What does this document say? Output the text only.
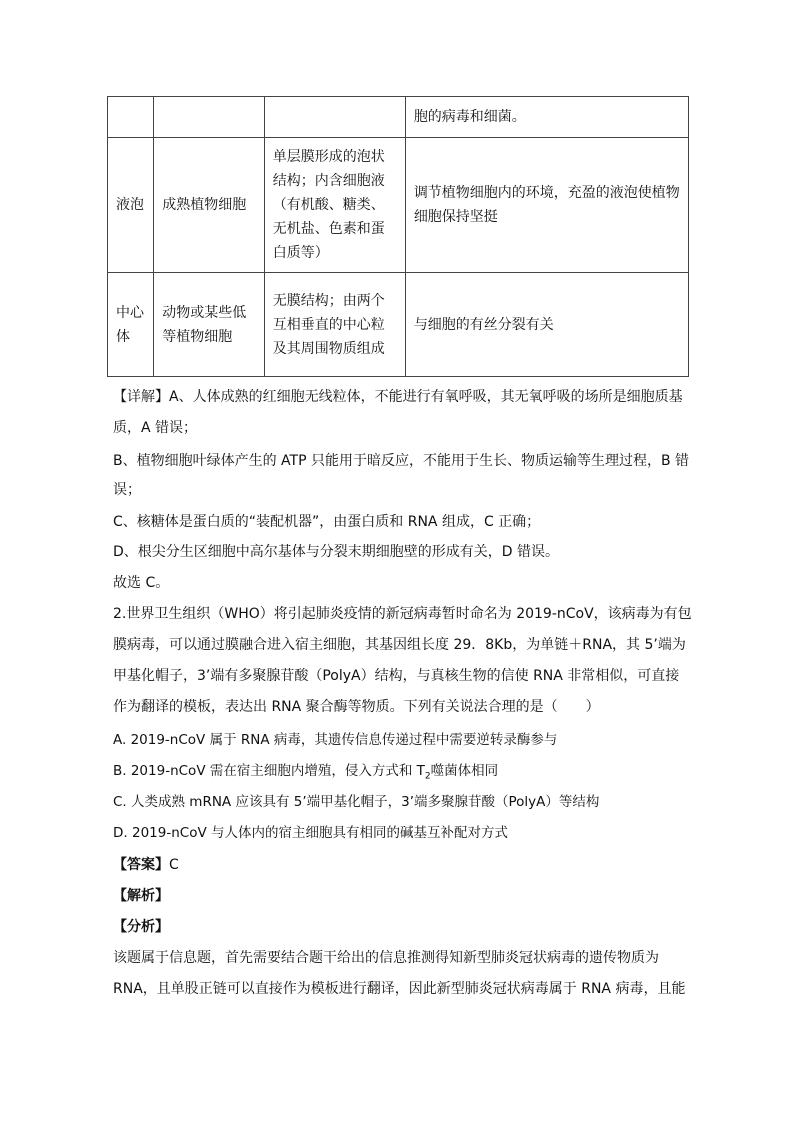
			胞的病毒和细菌。
液泡	成熟植物细胞	单层膜形成的泡状结构；内含细胞液（有机酸、糖类、无机盐、色素和蛋白质等）	调节植物细胞内的环境，充盈的液泡使植物细胞保持坚挺
中心体	动物或某些低等植物细胞	无膜结构；由两个互相垂直的中心粒及其周围物质组成	与细胞的有丝分裂有关
【详解】A、人体成熟的红细胞无线粒体，不能进行有氧呼吸，其无氧呼吸的场所是细胞质基
质，A 错误；
B、植物细胞叶绿体产生的 ATP 只能用于暗反应，不能用于生长、物质运输等生理过程，B 错
误；
C、核糖体是蛋白质的“装配机器”，由蛋白质和 RNA 组成，C 正确；
D、根尖分生区细胞中高尔基体与分裂末期细胞壁的形成有关，D 错误。
故选 C。
2.世界卫生组织（WHO）将引起肺炎疫情的新冠病毒暂时命名为 2019-nCoV，该病毒为有包
膜病毒，可以通过膜融合进入宿主细胞，其基因组长度 29．8Kb，为单链＋RNA，其 5’端为
甲基化帽子，3’端有多聚腺苷酸（PolyA）结构，与真核生物的信使 RNA 非常相似，可直接
作为翻译的模板，表达出 RNA 聚合酶等物质。下列有关说法合理的是（　　）
A. 2019-nCoV 属于 RNA 病毒，其遗传信息传递过程中需要逆转录酶参与
B. 2019-nCoV 需在宿主细胞内增殖，侵入方式和 $T_2$噬菌体相同
C. 人类成熟 mRNA 应该具有 5’端甲基化帽子，3’端多聚腺苷酸（PolyA）等结构
D. 2019-nCoV 与人体内的宿主细胞具有相同的碱基互补配对方式
【答案】C
【解析】
【分析】
该题属于信息题，首先需要结合题干给出的信息推测得知新型肺炎冠状病毒的遗传物质为
RNA，且单股正链可以直接作为模板进行翻译，因此新型肺炎冠状病毒属于 RNA 病毒，且能
